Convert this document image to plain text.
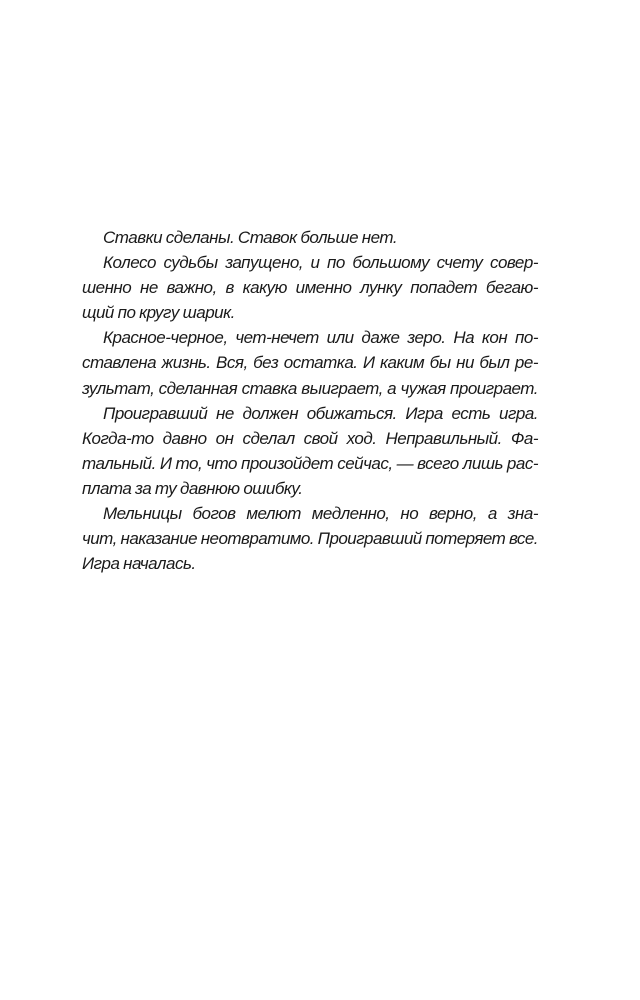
Ставки сделаны. Ставок больше нет.
Колесо судьбы запущено, и по большому счету совер-
шенно не важно, в какую именно лунку попадет бегаю-
щий по кругу шарик.
Красное-черное, чет-нечет или даже зеро. На кон по-
ставлена жизнь. Вся, без остатка. И каким бы ни был ре-
зультат, сделанная ставка выиграет, а чужая проиграет.
Проигравший не должен обижаться. Игра есть игра.
Когда-то давно он сделал свой ход. Неправильный. Фа-
тальный. И то, что произойдет сейчас, — всего лишь рас-
плата за ту давнюю ошибку.
Мельницы богов мелют медленно, но верно, а зна-
чит, наказание неотвратимо. Проигравший потеряет все.
Игра началась.
